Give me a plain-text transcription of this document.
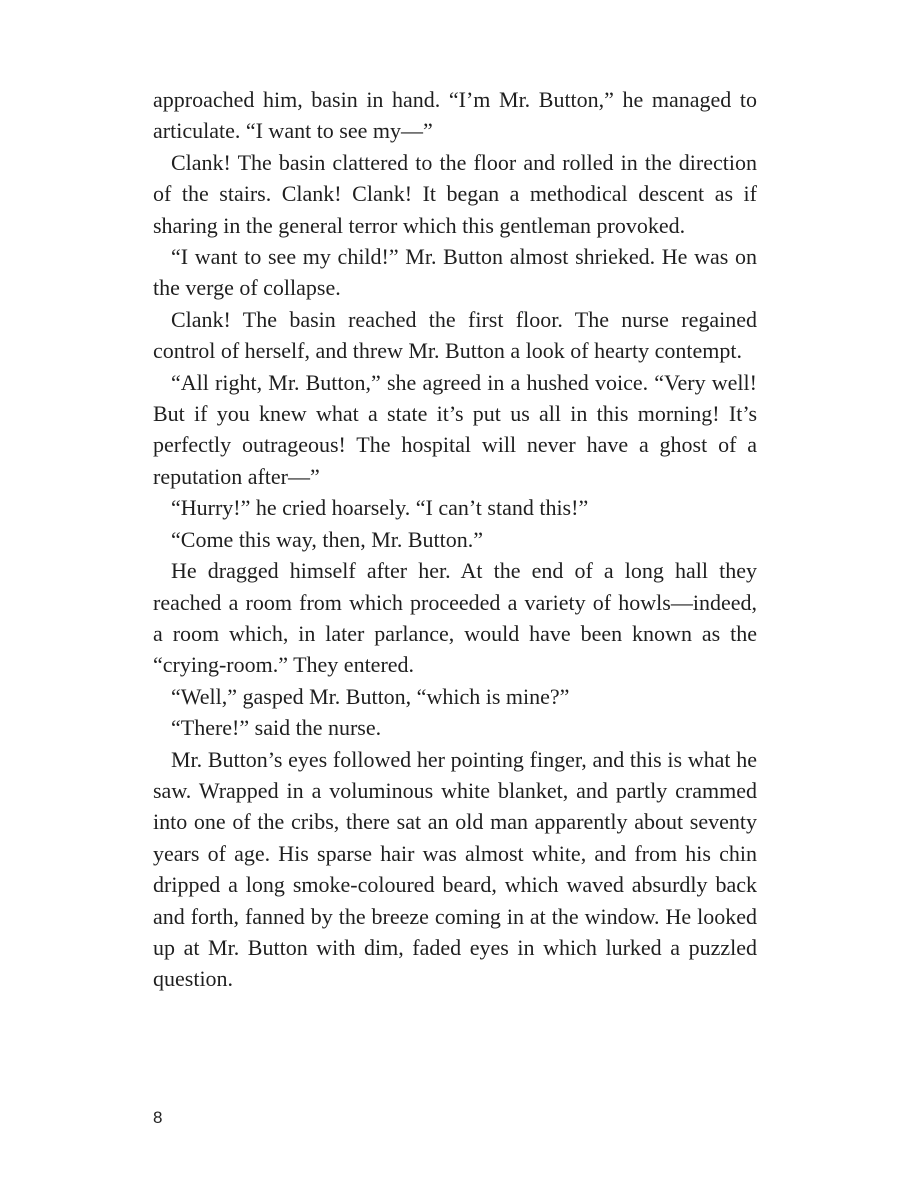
approached him, basin in hand. “I’m Mr. Button,” he managed to articulate. “I want to see my—”

Clank! The basin clattered to the floor and rolled in the direction of the stairs. Clank! Clank! It began a methodical descent as if sharing in the general terror which this gentleman provoked.

“I want to see my child!” Mr. Button almost shrieked. He was on the verge of collapse.

Clank! The basin reached the first floor. The nurse regained control of herself, and threw Mr. Button a look of hearty contempt.

“All right, Mr. Button,” she agreed in a hushed voice. “Very well! But if you knew what a state it’s put us all in this morning! It’s perfectly outrageous! The hospital will never have a ghost of a reputation after—”

“Hurry!” he cried hoarsely. “I can’t stand this!”

“Come this way, then, Mr. Button.”

He dragged himself after her. At the end of a long hall they reached a room from which proceeded a variety of howls—indeed, a room which, in later parlance, would have been known as the “crying-room.” They entered.

“Well,” gasped Mr. Button, “which is mine?”

“There!” said the nurse.

Mr. Button’s eyes followed her pointing finger, and this is what he saw. Wrapped in a voluminous white blanket, and partly crammed into one of the cribs, there sat an old man apparently about seventy years of age. His sparse hair was almost white, and from his chin dripped a long smoke-coloured beard, which waved absurdly back and forth, fanned by the breeze coming in at the window. He looked up at Mr. Button with dim, faded eyes in which lurked a puzzled question.

8
